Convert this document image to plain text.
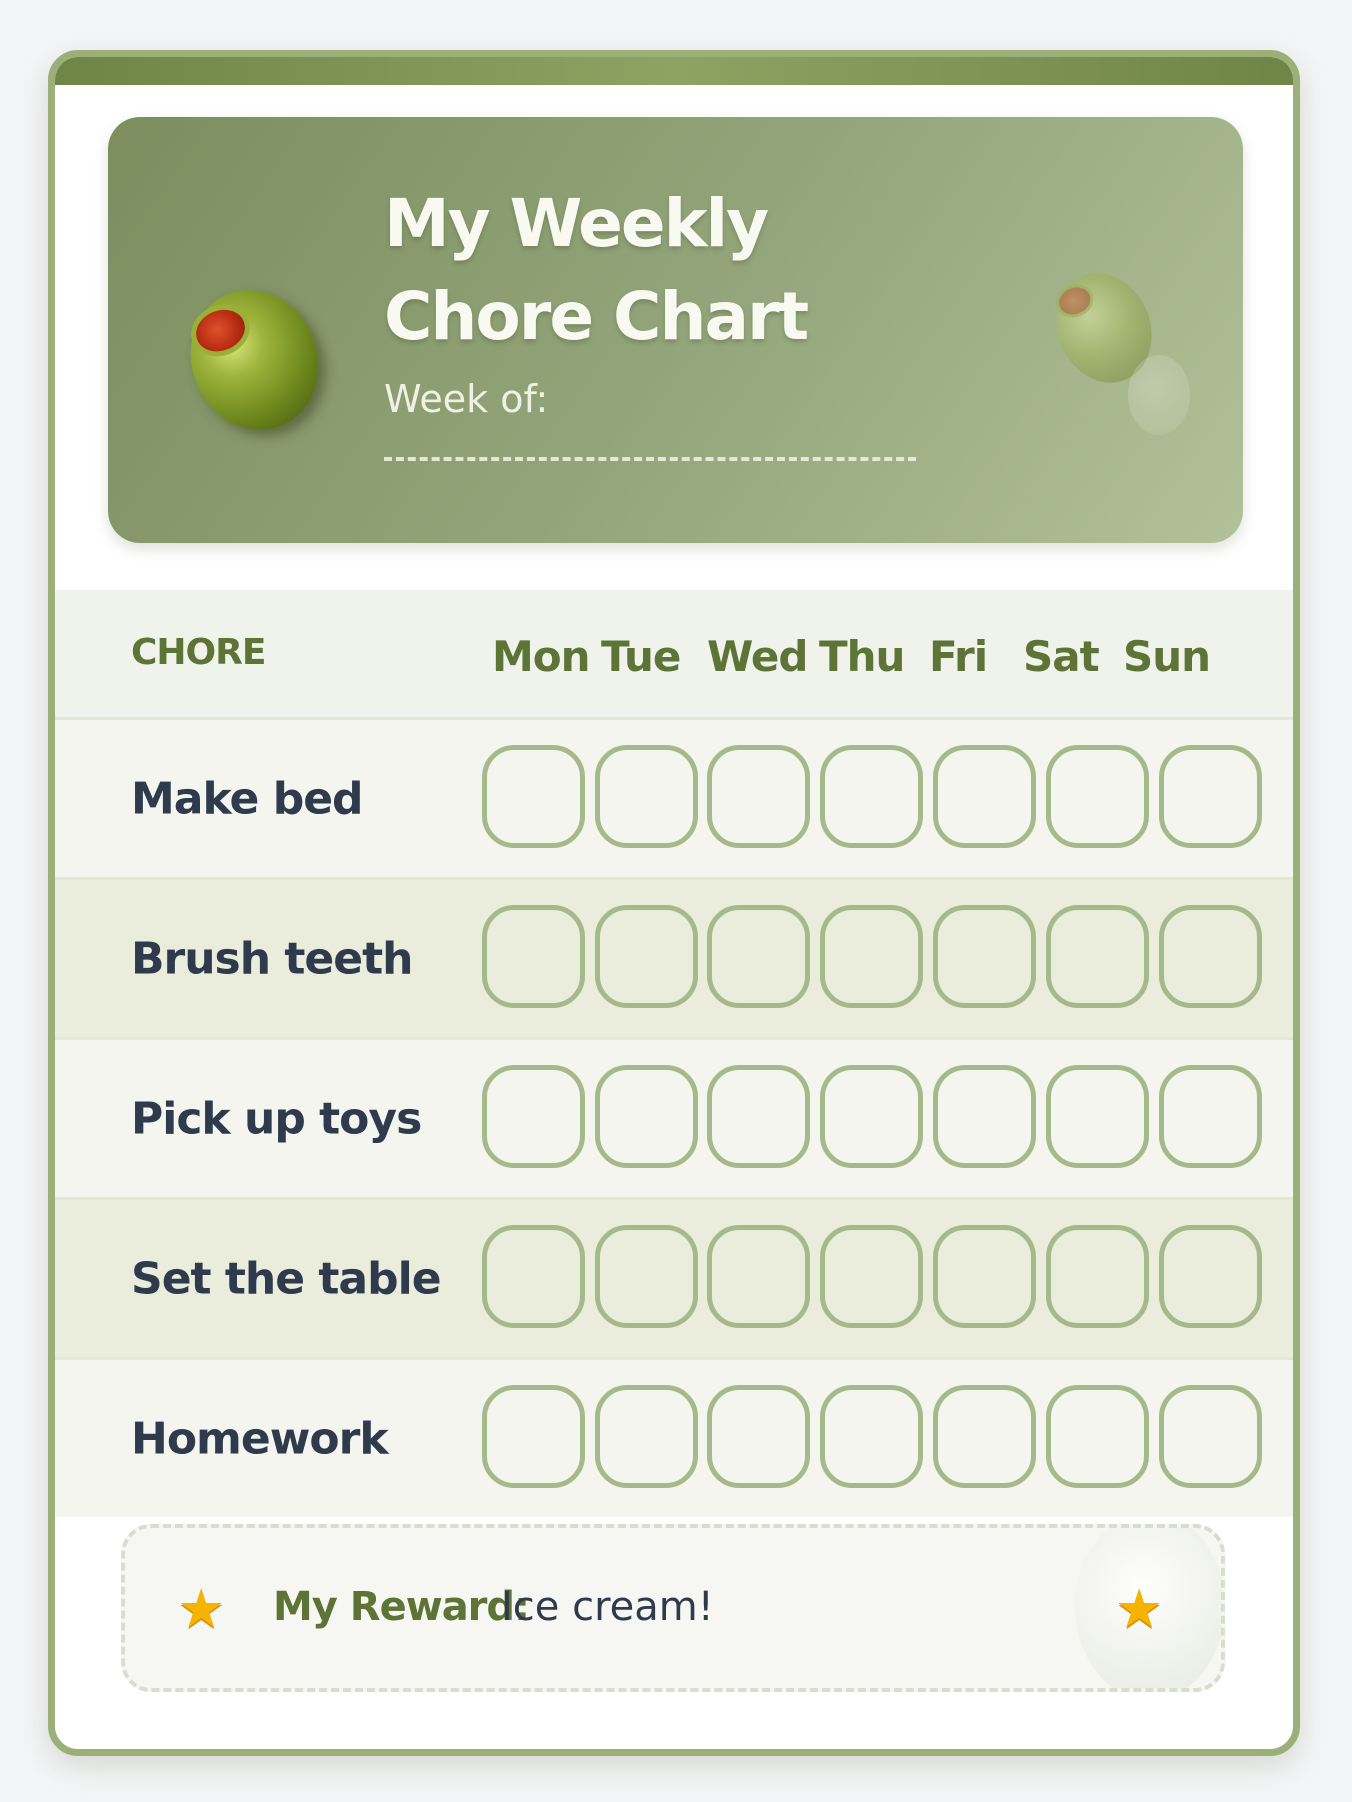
My Weekly Chore Chart
Week of:
CHORE	Mon Tue Wed Thu Fri Sat Sun
Make bed
Brush teeth
Pick up toys
Set the table
Homework
★ My Reward:
Ice cream!	★
